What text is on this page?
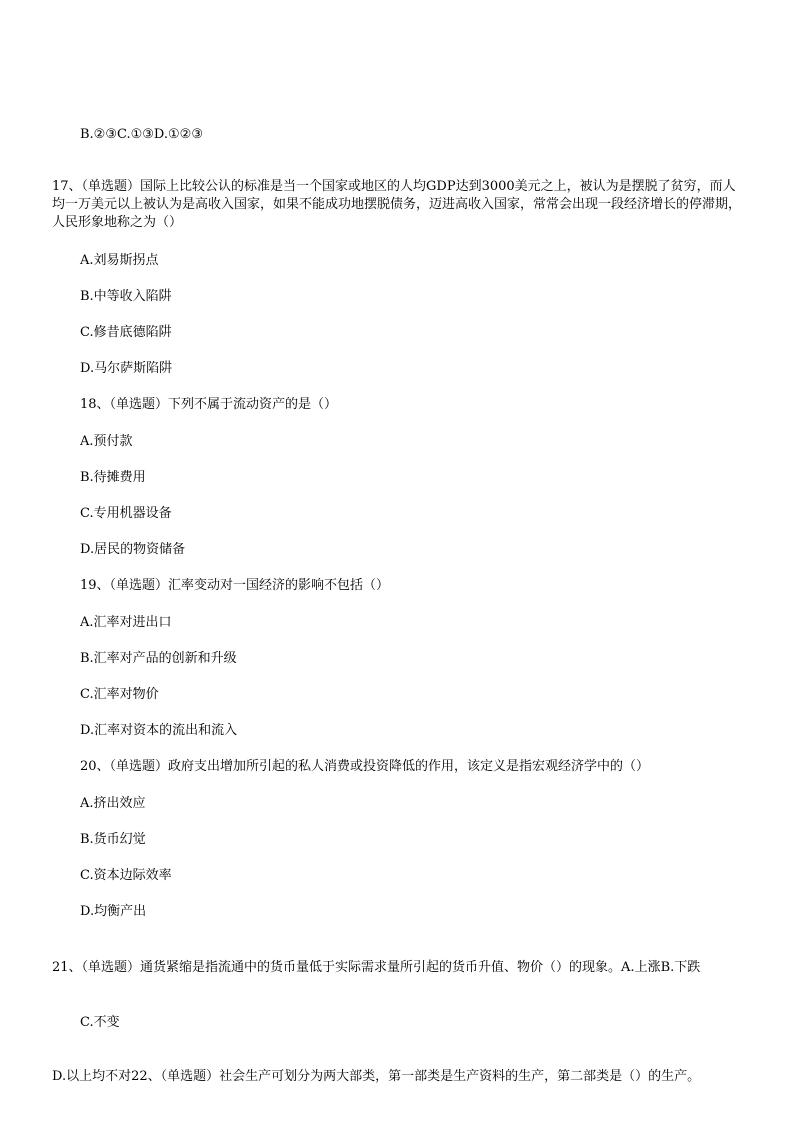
B.②③C.①③D.①②③
17、（单选题）国际上比较公认的标准是当一个国家或地区的人均GDP达到3000美元之上，被认为是摆脱了贫穷，而人均一万美元以上被认为是高收入国家，如果不能成功地摆脱债务，迈进高收入国家，常常会出现一段经济增长的停滞期，人民形象地称之为（）
A.刘易斯拐点
B.中等收入陷阱
C.修昔底德陷阱
D.马尔萨斯陷阱
18、（单选题）下列不属于流动资产的是（）
A.预付款
B.待摊费用
C.专用机器设备
D.居民的物资储备
19、（单选题）汇率变动对一国经济的影响不包括（）
A.汇率对进出口
B.汇率对产品的创新和升级
C.汇率对物价
D.汇率对资本的流出和流入
20、（单选题）政府支出增加所引起的私人消费或投资降低的作用，该定义是指宏观经济学中的（）
A.挤出效应
B.货币幻觉
C.资本边际效率
D.均衡产出
21、（单选题）通货紧缩是指流通中的货币量低于实际需求量所引起的货币升值、物价（）的现象。A.上涨B.下跌
C.不变
D.以上均不对22、（单选题）社会生产可划分为两大部类，第一部类是生产资料的生产，第二部类是（）的生产。
